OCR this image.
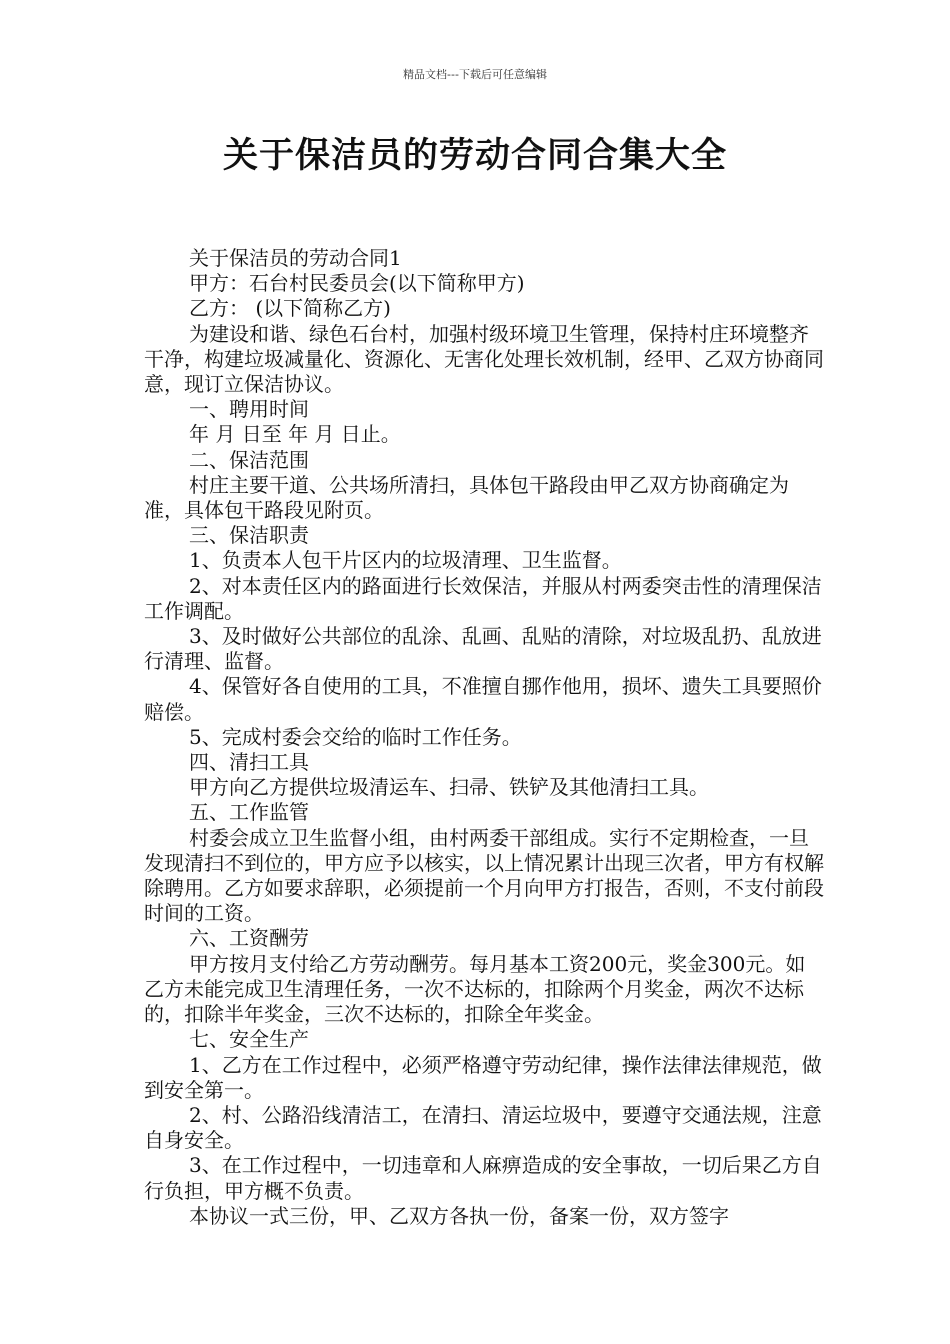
精品文档---下载后可任意编辑
关于保洁员的劳动合同合集大全

关于保洁员的劳动合同1

甲方：石台村民委员会(以下简称甲方)

乙方： (以下简称乙方)

为建设和谐、绿色石台村，加强村级环境卫生管理，保持村庄环境整齐干净，构建垃圾减量化、资源化、无害化处理长效机制，经甲、乙双方协商同意，现订立保洁协议。

一、聘用时间

年 月 日至 年 月 日止。

二、保洁范围

村庄主要干道、公共场所清扫，具体包干路段由甲乙双方协商确定为准，具体包干路段见附页。

三、保洁职责

1、负责本人包干片区内的垃圾清理、卫生监督。

2、对本责任区内的路面进行长效保洁，并服从村两委突击性的清理保洁工作调配。

3、及时做好公共部位的乱涂、乱画、乱贴的清除，对垃圾乱扔、乱放进行清理、监督。

4、保管好各自使用的工具，不准擅自挪作他用，损坏、遗失工具要照价赔偿。

5、完成村委会交给的临时工作任务。

四、清扫工具

甲方向乙方提供垃圾清运车、扫帚、铁铲及其他清扫工具。

五、工作监管

村委会成立卫生监督小组，由村两委干部组成。实行不定期检查，一旦发现清扫不到位的，甲方应予以核实，以上情况累计出现三次者，甲方有权解除聘用。乙方如要求辞职，必须提前一个月向甲方打报告，否则，不支付前段时间的工资。

六、工资酬劳

甲方按月支付给乙方劳动酬劳。每月基本工资200元，奖金300元。如乙方未能完成卫生清理任务，一次不达标的，扣除两个月奖金，两次不达标的，扣除半年奖金，三次不达标的，扣除全年奖金。

七、安全生产

1、乙方在工作过程中，必须严格遵守劳动纪律，操作法律法律规范，做到安全第一。

2、村、公路沿线清洁工，在清扫、清运垃圾中，要遵守交通法规，注意自身安全。

3、在工作过程中，一切违章和人麻痹造成的安全事故，一切后果乙方自行负担，甲方概不负责。

本协议一式三份，甲、乙双方各执一份，备案一份，双方签字
